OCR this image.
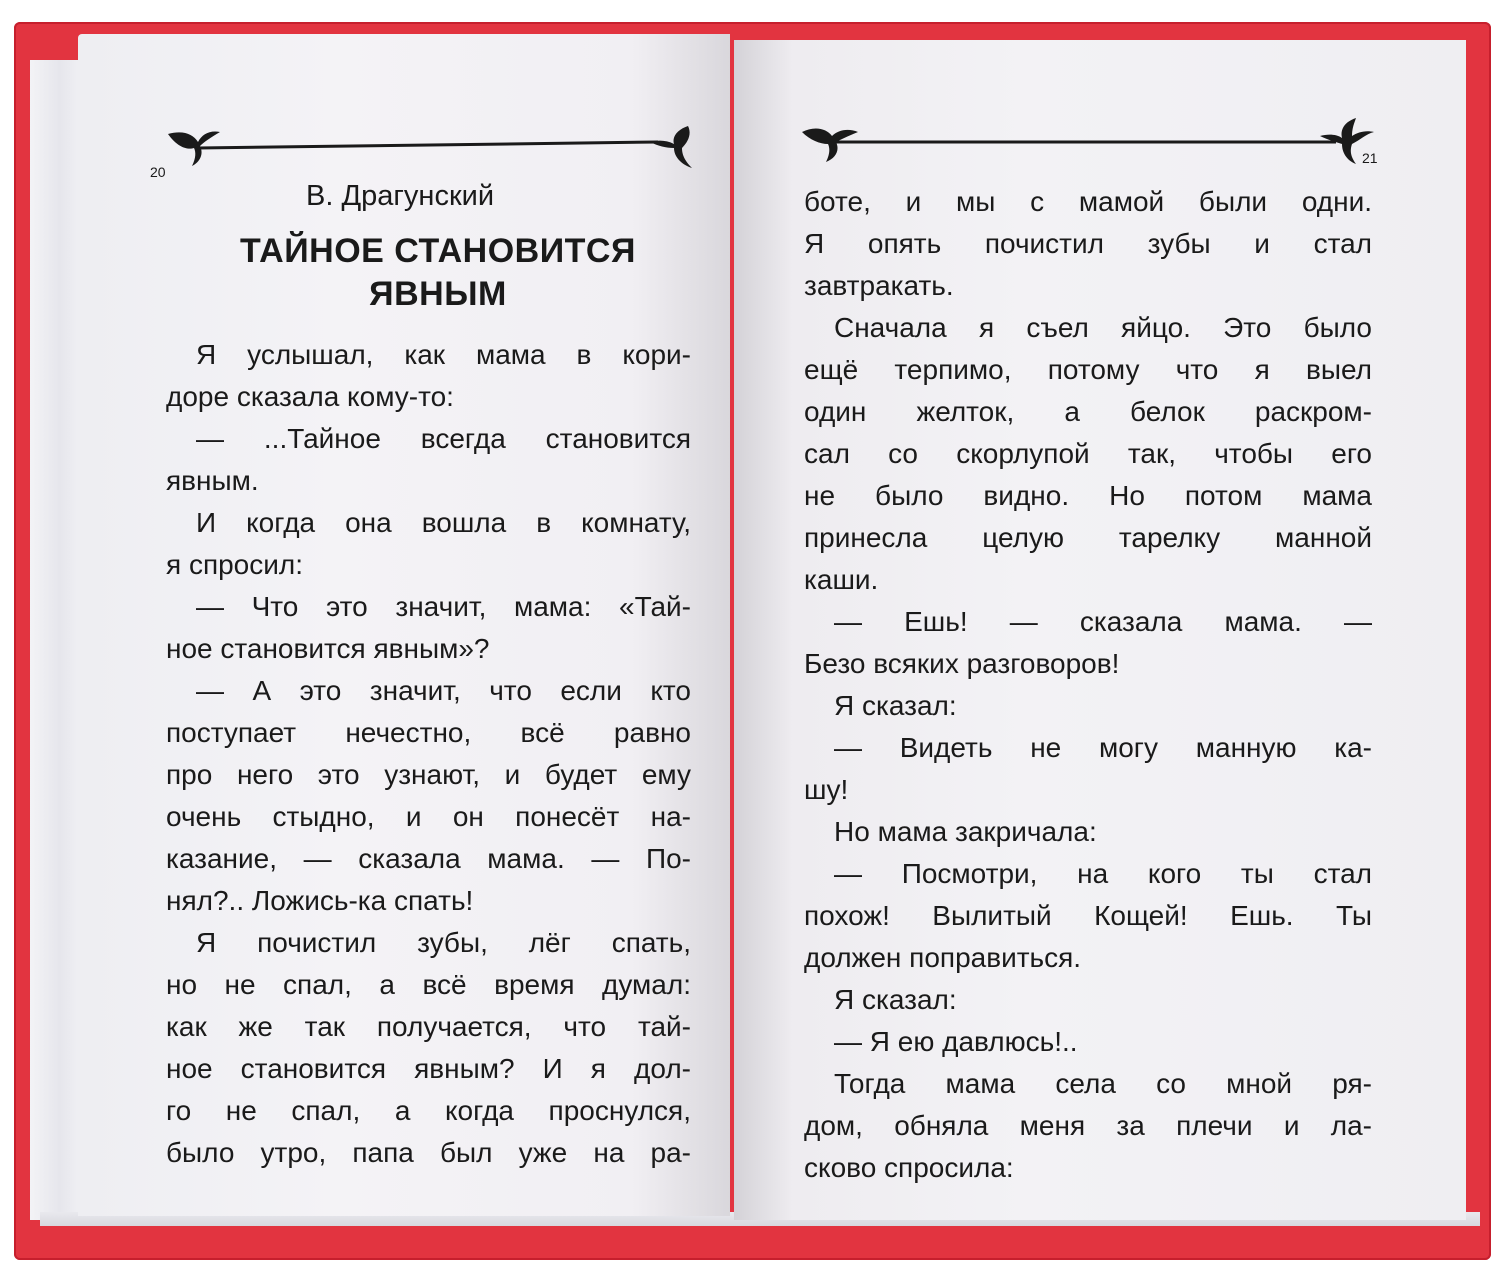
20
В. Драгунский
ТАЙНОЕ СТАНОВИТСЯ
ЯВНЫМ
Я услышал, как мама в кори-
доре сказала кому-то:
— ...Тайное всегда становится
явным.
И когда она вошла в комнату,
я спросил:
— Что это значит, мама: «Тай-
ное становится явным»?
— А это значит, что если кто
поступает нечестно, всё равно
про него это узнают, и будет ему
очень стыдно, и он понесёт на-
казание, — сказала мама. — По-
нял?.. Ложись-ка спать!
Я почистил зубы, лёг спать,
но не спал, а всё время думал:
как же так получается, что тай-
ное становится явным? И я дол-
го не спал, а когда проснулся,
было утро, папа был уже на ра-
21
боте, и мы с мамой были одни.
Я опять почистил зубы и стал
завтракать.
Сначала я съел яйцо. Это было
ещё терпимо, потому что я выел
один желток, а белок раскром-
сал со скорлупой так, чтобы его
не было видно. Но потом мама
принесла целую тарелку манной
каши.
— Ешь! — сказала мама. —
Безо всяких разговоров!
Я сказал:
— Видеть не могу манную ка-
шу!
Но мама закричала:
— Посмотри, на кого ты стал
похож! Вылитый Кощей! Ешь. Ты
должен поправиться.
Я сказал:
— Я ею давлюсь!..
Тогда мама села со мной ря-
дом, обняла меня за плечи и ла-
сково спросила:
